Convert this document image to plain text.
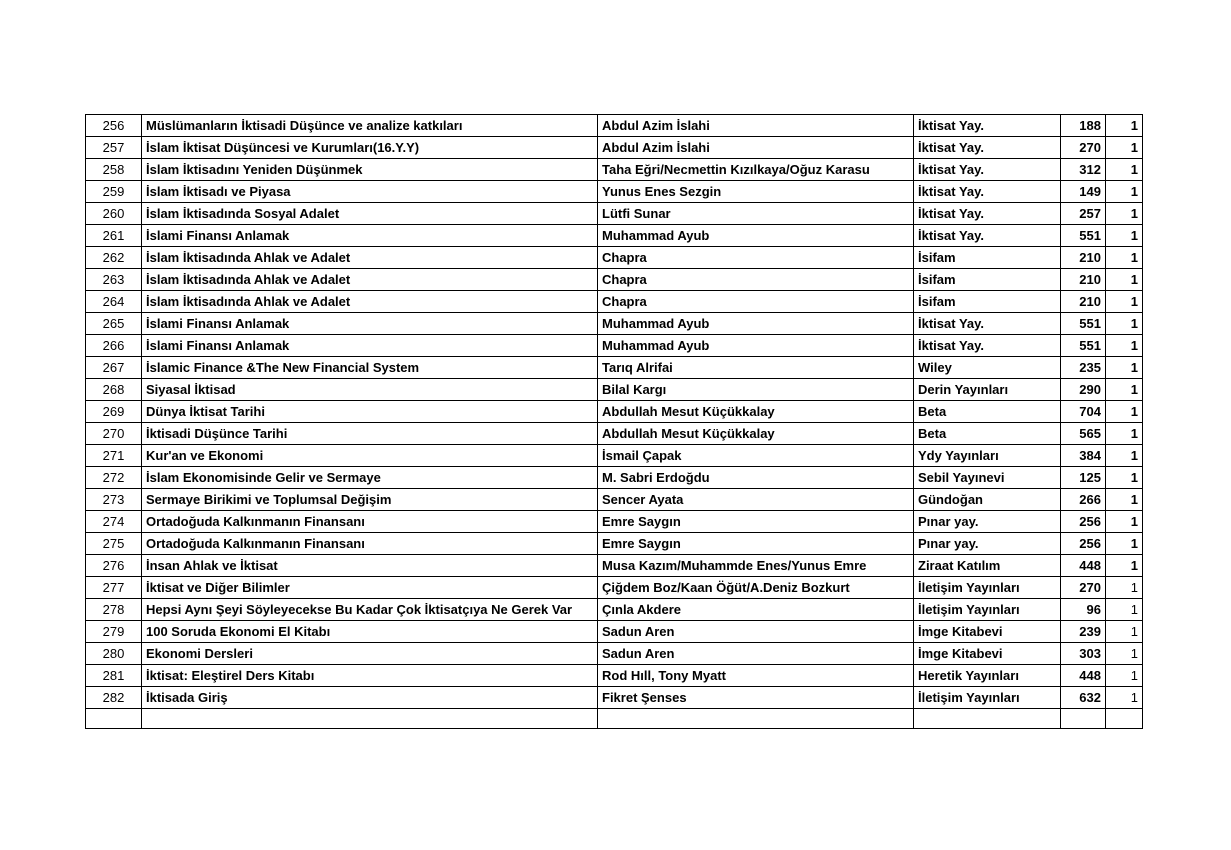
256	Müslümanların İktisadi Düşünce ve analize katkıları	Abdul Azim İslahi	İktisat Yay.	188	1
257	İslam İktisat Düşüncesi ve Kurumları(16.Y.Y)	Abdul Azim İslahi	İktisat Yay.	270	1
258	İslam İktisadını Yeniden Düşünmek	Taha Eğri/Necmettin Kızılkaya/Oğuz Karasu	İktisat Yay.	312	1
259	İslam İktisadı ve Piyasa	Yunus Enes Sezgin	İktisat Yay.	149	1
260	İslam İktisadında Sosyal Adalet	Lütfi Sunar	İktisat Yay.	257	1
261	İslami Finansı Anlamak	Muhammad Ayub	İktisat Yay.	551	1
262	İslam İktisadında Ahlak ve Adalet	Chapra	İsifam	210	1
263	İslam İktisadında Ahlak ve Adalet	Chapra	İsifam	210	1
264	İslam İktisadında Ahlak ve Adalet	Chapra	İsifam	210	1
265	İslami Finansı Anlamak	Muhammad Ayub	İktisat Yay.	551	1
266	İslami Finansı Anlamak	Muhammad Ayub	İktisat Yay.	551	1
267	İslamic Finance &The New Financial System	Tarıq Alrifai	Wiley	235	1
268	Siyasal İktisad	Bilal Kargı	Derin Yayınları	290	1
269	Dünya İktisat Tarihi	Abdullah Mesut Küçükkalay	Beta	704	1
270	İktisadi Düşünce Tarihi	Abdullah Mesut Küçükkalay	Beta	565	1
271	Kur'an ve Ekonomi	İsmail Çapak	Ydy Yayınları	384	1
272	İslam Ekonomisinde Gelir ve Sermaye	M. Sabri Erdoğdu	Sebil Yayınevi	125	1
273	Sermaye Birikimi ve Toplumsal Değişim	Sencer Ayata	Gündoğan	266	1
274	Ortadoğuda Kalkınmanın Finansanı	Emre Saygın	Pınar yay.	256	1
275	Ortadoğuda Kalkınmanın Finansanı	Emre Saygın	Pınar yay.	256	1
276	İnsan Ahlak ve İktisat	Musa Kazım/Muhammde Enes/Yunus Emre	Ziraat Katılım	448	1
277	İktisat ve Diğer Bilimler	Çiğdem Boz/Kaan Öğüt/A.Deniz Bozkurt	İletişim Yayınları	270	1
278	Hepsi Aynı Şeyi Söyleyecekse Bu Kadar Çok İktisatçıya Ne Gerek Var	Çınla Akdere	İletişim Yayınları	96	1
279	100 Soruda Ekonomi El Kitabı	Sadun Aren	İmge Kitabevi	239	1
280	Ekonomi Dersleri	Sadun Aren	İmge Kitabevi	303	1
281	İktisat: Eleştirel Ders Kitabı	Rod Hıll, Tony Myatt	Heretik Yayınları	448	1
282	İktisada Giriş	Fikret Şenses	İletişim Yayınları	632	1
